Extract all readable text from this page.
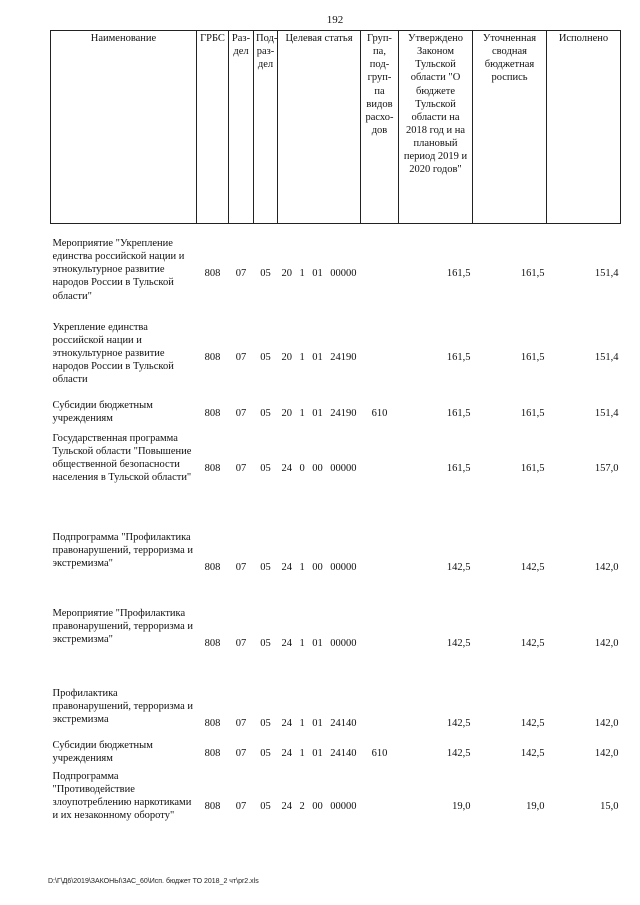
192
Наименование	ГРБС	Раз-дел	Под-раз-дел	Целевая статья	Груп-па, под-груп-па видов расхо-дов	Утверждено Законом Тульской области "О бюджете Тульской области на 2018 год и на плановый период 2019 и 2020 годов"	Уточненная сводная бюджетная роспись	Исполнено
Мероприятие "Укрепление единства российской нации и этнокультурное развитие народов России в Тульской области"	808	07	05	20 1 01 00000		161,5	161,5	151,4
Укрепление единства российской нации и этнокультурное развитие народов России в Тульской области	808	07	05	20 1 01 24190		161,5	161,5	151,4
Субсидии бюджетным учреждениям	808	07	05	20 1 01 24190	610	161,5	161,5	151,4
Государственная программа Тульской области "Повышение общественной безопасности населения в Тульской области"	808	07	05	24 0 00 00000		161,5	161,5	157,0
Подпрограмма "Профилактика правонарушений, терроризма и экстремизма"	808	07	05	24 1 00 00000		142,5	142,5	142,0
Мероприятие "Профилактика правонарушений, терроризма и экстремизма"	808	07	05	24 1 01 00000		142,5	142,5	142,0
Профилактика правонарушений, терроризма и экстремизма	808	07	05	24 1 01 24140		142,5	142,5	142,0
Субсидии бюджетным учреждениям	808	07	05	24 1 01 24140	610	142,5	142,5	142,0
Подпрограмма "Противодействие злоупотреблению наркотиками и их незаконному обороту"	808	07	05	24 2 00 00000		19,0	19,0	15,0
D:\Г\Д6\2019\ЗАКОНЫ\ЗАС_60\Исп. бюджет ТО 2018_2 чт\pr2.xls
